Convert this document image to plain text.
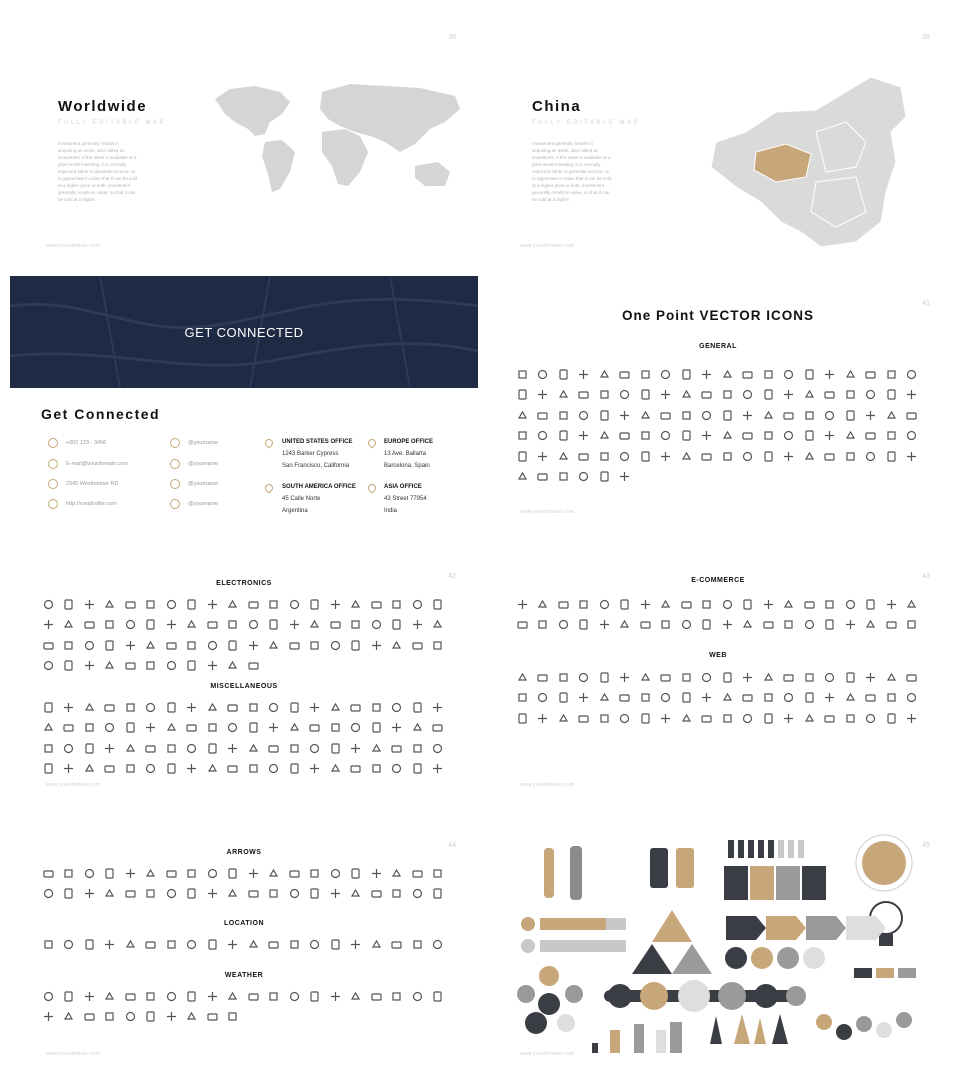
38
Worldwide
FULLY EDITABLE MAP
Investment generally results in acquiring an asset, also called an investment. If the asset is available at a price worth investing, it is normally expected either to generate income, or to appreciate in value that it can be sold at a higher price or both. Investment generally results in value, so that it can be sold at a higher
www.yourdomain.com
39
China
FULLY EDITABLE MAP
Investment generally results in acquiring an asset, also called an investment. If the asset is available at a price worth investing, it is normally expected either to generate income, or to appreciate in value that it can be sold at a higher price or both. Investment generally results in value, so that it can be sold at a higher
www.yourdomain.com
GET CONNECTED
Get Connected
+001 123 - 3456
E-mail@yourdomain.com
2345 Westheimer RD
http://creativdite.com
@yourname
@yourname
@yourname
@yourname
UNITED STATES OFFICE
1243 Barker Cypress
San Francisco, California
EUROPE OFFICE
13 Ave. Ballarta
Barcelona, Spain
SOUTH AMERICA OFFICE
45 Calle Norte
Argentina
ASIA OFFICE
43 Street 77954
India
41
One Point VECTOR ICONS
GENERAL
www.yourdomain.com
42
ELECTRONICS
MISCELLANEOUS
www.yourdomain.com
43
E-COMMERCE
WEB
www.yourdomain.com
44
ARROWS
LOCATION
WEATHER
www.yourdomain.com
45
www.yourdomain.com
